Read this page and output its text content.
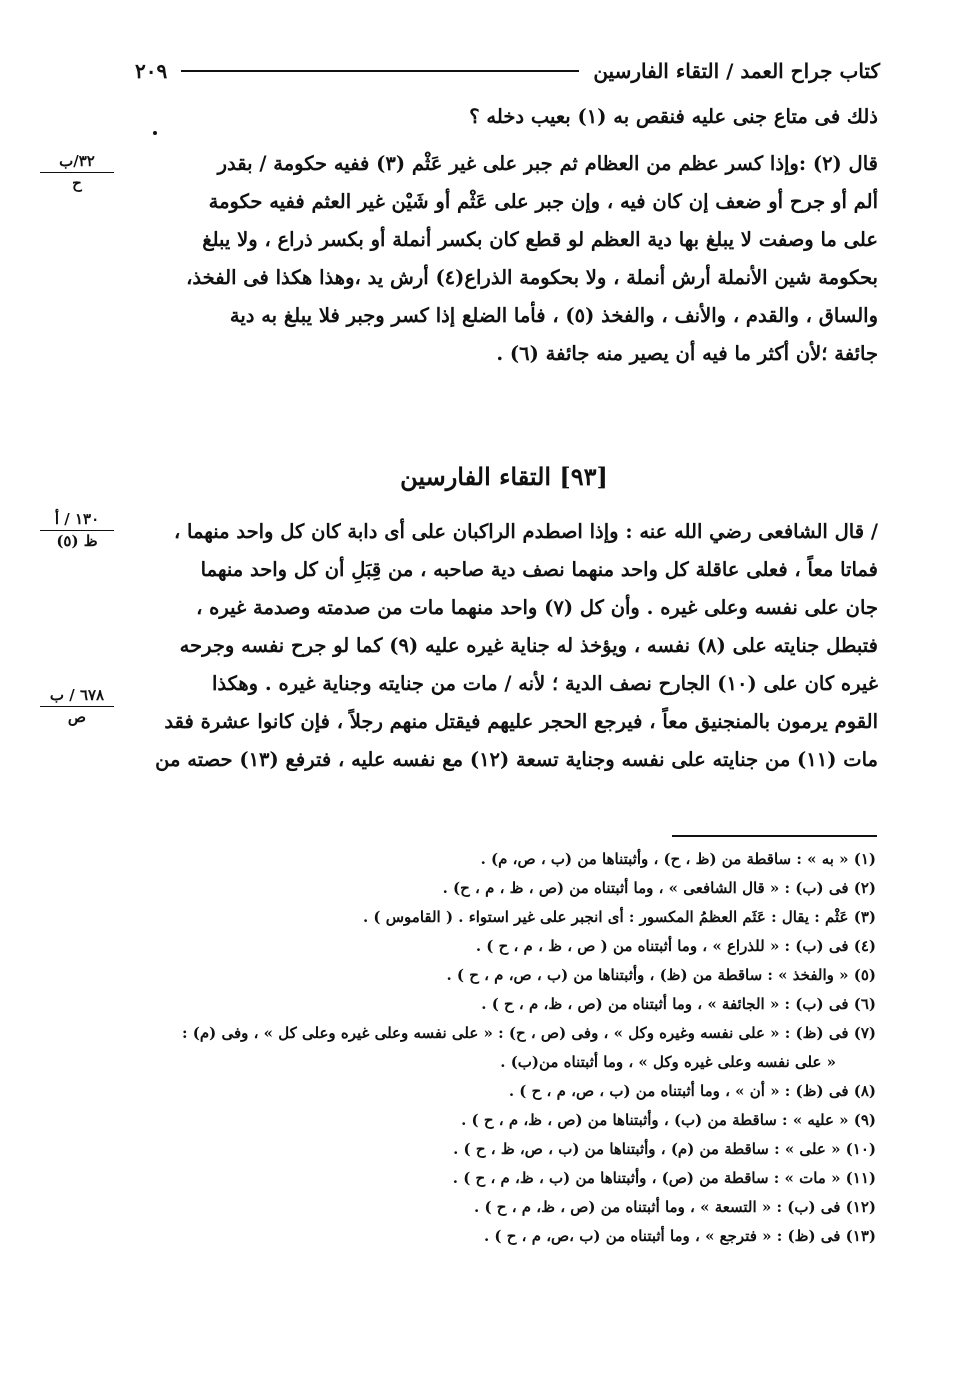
كتاب جراح العمد / التقاء الفارسين
٢٠٩
ذلك فى متاع جنى عليه فنقص به (١) بعيب دخله ؟
قال (٢) :وإذا كسر عظم من العظام ثم جبر على غير عَثْم (٣) ففيه حكومة / بقدر
ألم أو جرح أو ضعف إن كان فيه ، وإن جبر على عَثْم أو شَيْن غير العثم ففيه حكومة
على ما وصفت لا يبلغ بها دية العظم لو قطع كان بكسر أنملة أو بكسر ذراع ، ولا يبلغ
بحكومة شين الأنملة أرش أنملة ، ولا بحكومة الذراع(٤) أرش يد ،وهذا هكذا فى الفخذ،
والساق ، والقدم ، والأنف ، والفخذ (٥) ، فأما الضلع إذا كسر وجبر فلا يبلغ به دية
جائفة ؛لأن أكثر ما فيه أن يصير منه جائفة (٦) .
٣٢/ب
ح
[٩٣] التقاء الفارسين
١٣٠ / أ
ظ (٥)	/ قال الشافعى رضي الله عنه : وإذا اصطدم الراكبان على أى دابة كان كل واحد منهما ،
فماتا معاً ، فعلى عاقلة كل واحد منهما نصف دية صاحبه ، من قِبَلِ أن كل واحد منهما
جان على نفسه وعلى غيره . وأن كل (٧) واحد منهما مات من صدمته وصدمة غيره ،
فتبطل جنايته على (٨) نفسه ، ويؤخذ له جناية غيره عليه (٩) كما لو جرح نفسه وجرحه
غيره كان على (١٠) الجارح نصف الدية ؛ لأنه / مات من جنايته وجناية غيره . وهكذا
القوم يرمون بالمنجنيق معاً ، فيرجع الحجر عليهم فيقتل منهم رجلاً ، فإن كانوا عشرة فقد
مات (١١) من جنايته على نفسه وجناية تسعة (١٢) مع نفسه عليه ، فترفع (١٣) حصته من
٦٧٨ / ب
ص
(١) « به » : ساقطة من (ظ ، ح) ، وأثبتناها من (ب ، ص، م) .
(٢) فى (ب) : « قال الشافعى » ، وما أثبتناه من (ص ، ظ ، م ، ح) .
(٣) عَثْم : يقال : عَثَم العظمُ المكسور : أى انجبر على غير استواء . ( القاموس ) .
(٤) فى (ب) : « للذراع » ، وما أثبتناه من ( ص ، ظ ، م ، ح ) .
(٥) « والفخذ » : ساقطة من (ظ) ، وأثبتناها من (ب ، ص، م ، ح ) .
(٦) فى (ب) : « الجائفة » ، وما أثبتناه من (ص ، ظ، م ، ح ) .
(٧) فى (ظ) : « على نفسه وغيره وكل » ، وفى (ص ، ح) : « على نفسه وعلى غيره وعلى كل » ، وفى (م) :
« على نفسه وعلى غيره وكل » ، وما أثبتناه من(ب) .
(٨) فى (ظ) : « أن » ، وما أثبتناه من (ب ، ص، م ، ح ) .
(٩) « عليه » : ساقطة من (ب) ، وأثبتناها من (ص ، ظ، م ، ح ) .
(١٠) « على » : ساقطة من (م) ، وأثبتناها من (ب ، ص، ظ ، ح ) .
(١١) « مات » : ساقطة من (ص) ، وأثبتناها من (ب ، ظ، م ، ح ) .
(١٢) فى (ب) : « التسعة » ، وما أثبتناه من (ص ، ظ، م ، ح ) .
(١٣) فى (ظ) : « فترجع » ، وما أثبتناه من (ب ،ص، م ، ح ) .
